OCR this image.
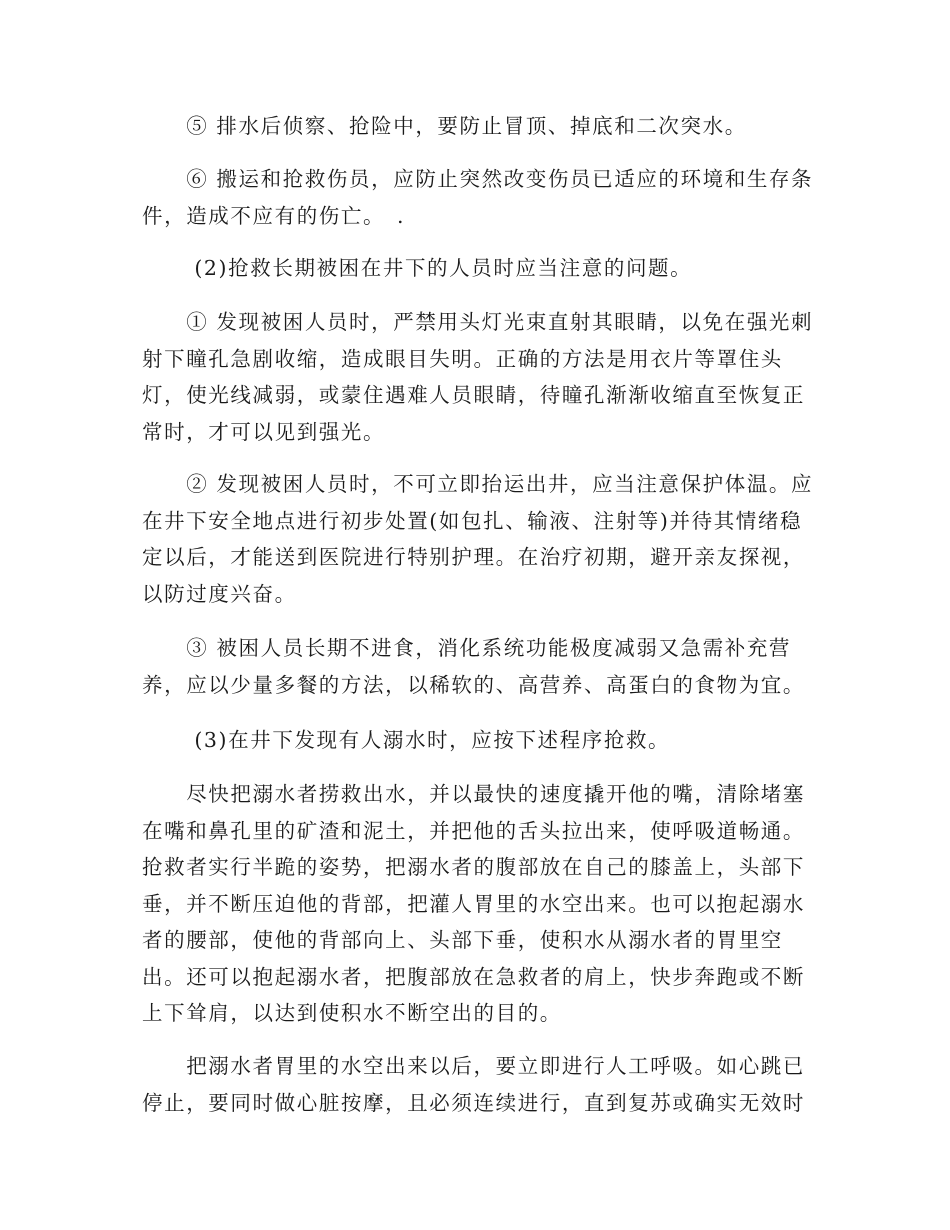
　　⑤ 排水后侦察、抢险中，要防止冒顶、掉底和二次突水。

　　⑥ 搬运和抢救伤员，应防止突然改变伤员已适应的环境和生存条
件，造成不应有的伤亡。　.

　　 (2)抢救长期被困在井下的人员时应当注意的问题。

　　① 发现被困人员时，严禁用头灯光束直射其眼睛，以免在强光刺
射下瞳孔急剧收缩，造成眼目失明。正确的方法是用衣片等罩住头
灯，使光线减弱，或蒙住遇难人员眼睛，待瞳孔渐渐收缩直至恢复正
常时，才可以见到强光。

　　② 发现被困人员时，不可立即抬运出井，应当注意保护体温。应
在井下安全地点进行初步处置(如包扎、输液、注射等)并待其情绪稳
定以后，才能送到医院进行特别护理。在治疗初期，避开亲友探视，
以防过度兴奋。

　　③ 被困人员长期不进食，消化系统功能极度减弱又急需补充营
养，应以少量多餐的方法，以稀软的、高营养、高蛋白的食物为宜。

　　 (3)在井下发现有人溺水时，应按下述程序抢救。

　　尽快把溺水者捞救出水，并以最快的速度撬开他的嘴，清除堵塞
在嘴和鼻孔里的矿渣和泥土，并把他的舌头拉出来，使呼吸道畅通。
抢救者实行半跪的姿势，把溺水者的腹部放在自己的膝盖上，头部下
垂，并不断压迫他的背部，把灌人胃里的水空出来。也可以抱起溺水
者的腰部，使他的背部向上、头部下垂，使积水从溺水者的胃里空
出。还可以抱起溺水者，把腹部放在急救者的肩上，快步奔跑或不断
上下耸肩，以达到使积水不断空出的目的。

　　把溺水者胃里的水空出来以后，要立即进行人工呼吸。如心跳已
停止，要同时做心脏按摩，且必须连续进行，直到复苏或确实无效时
